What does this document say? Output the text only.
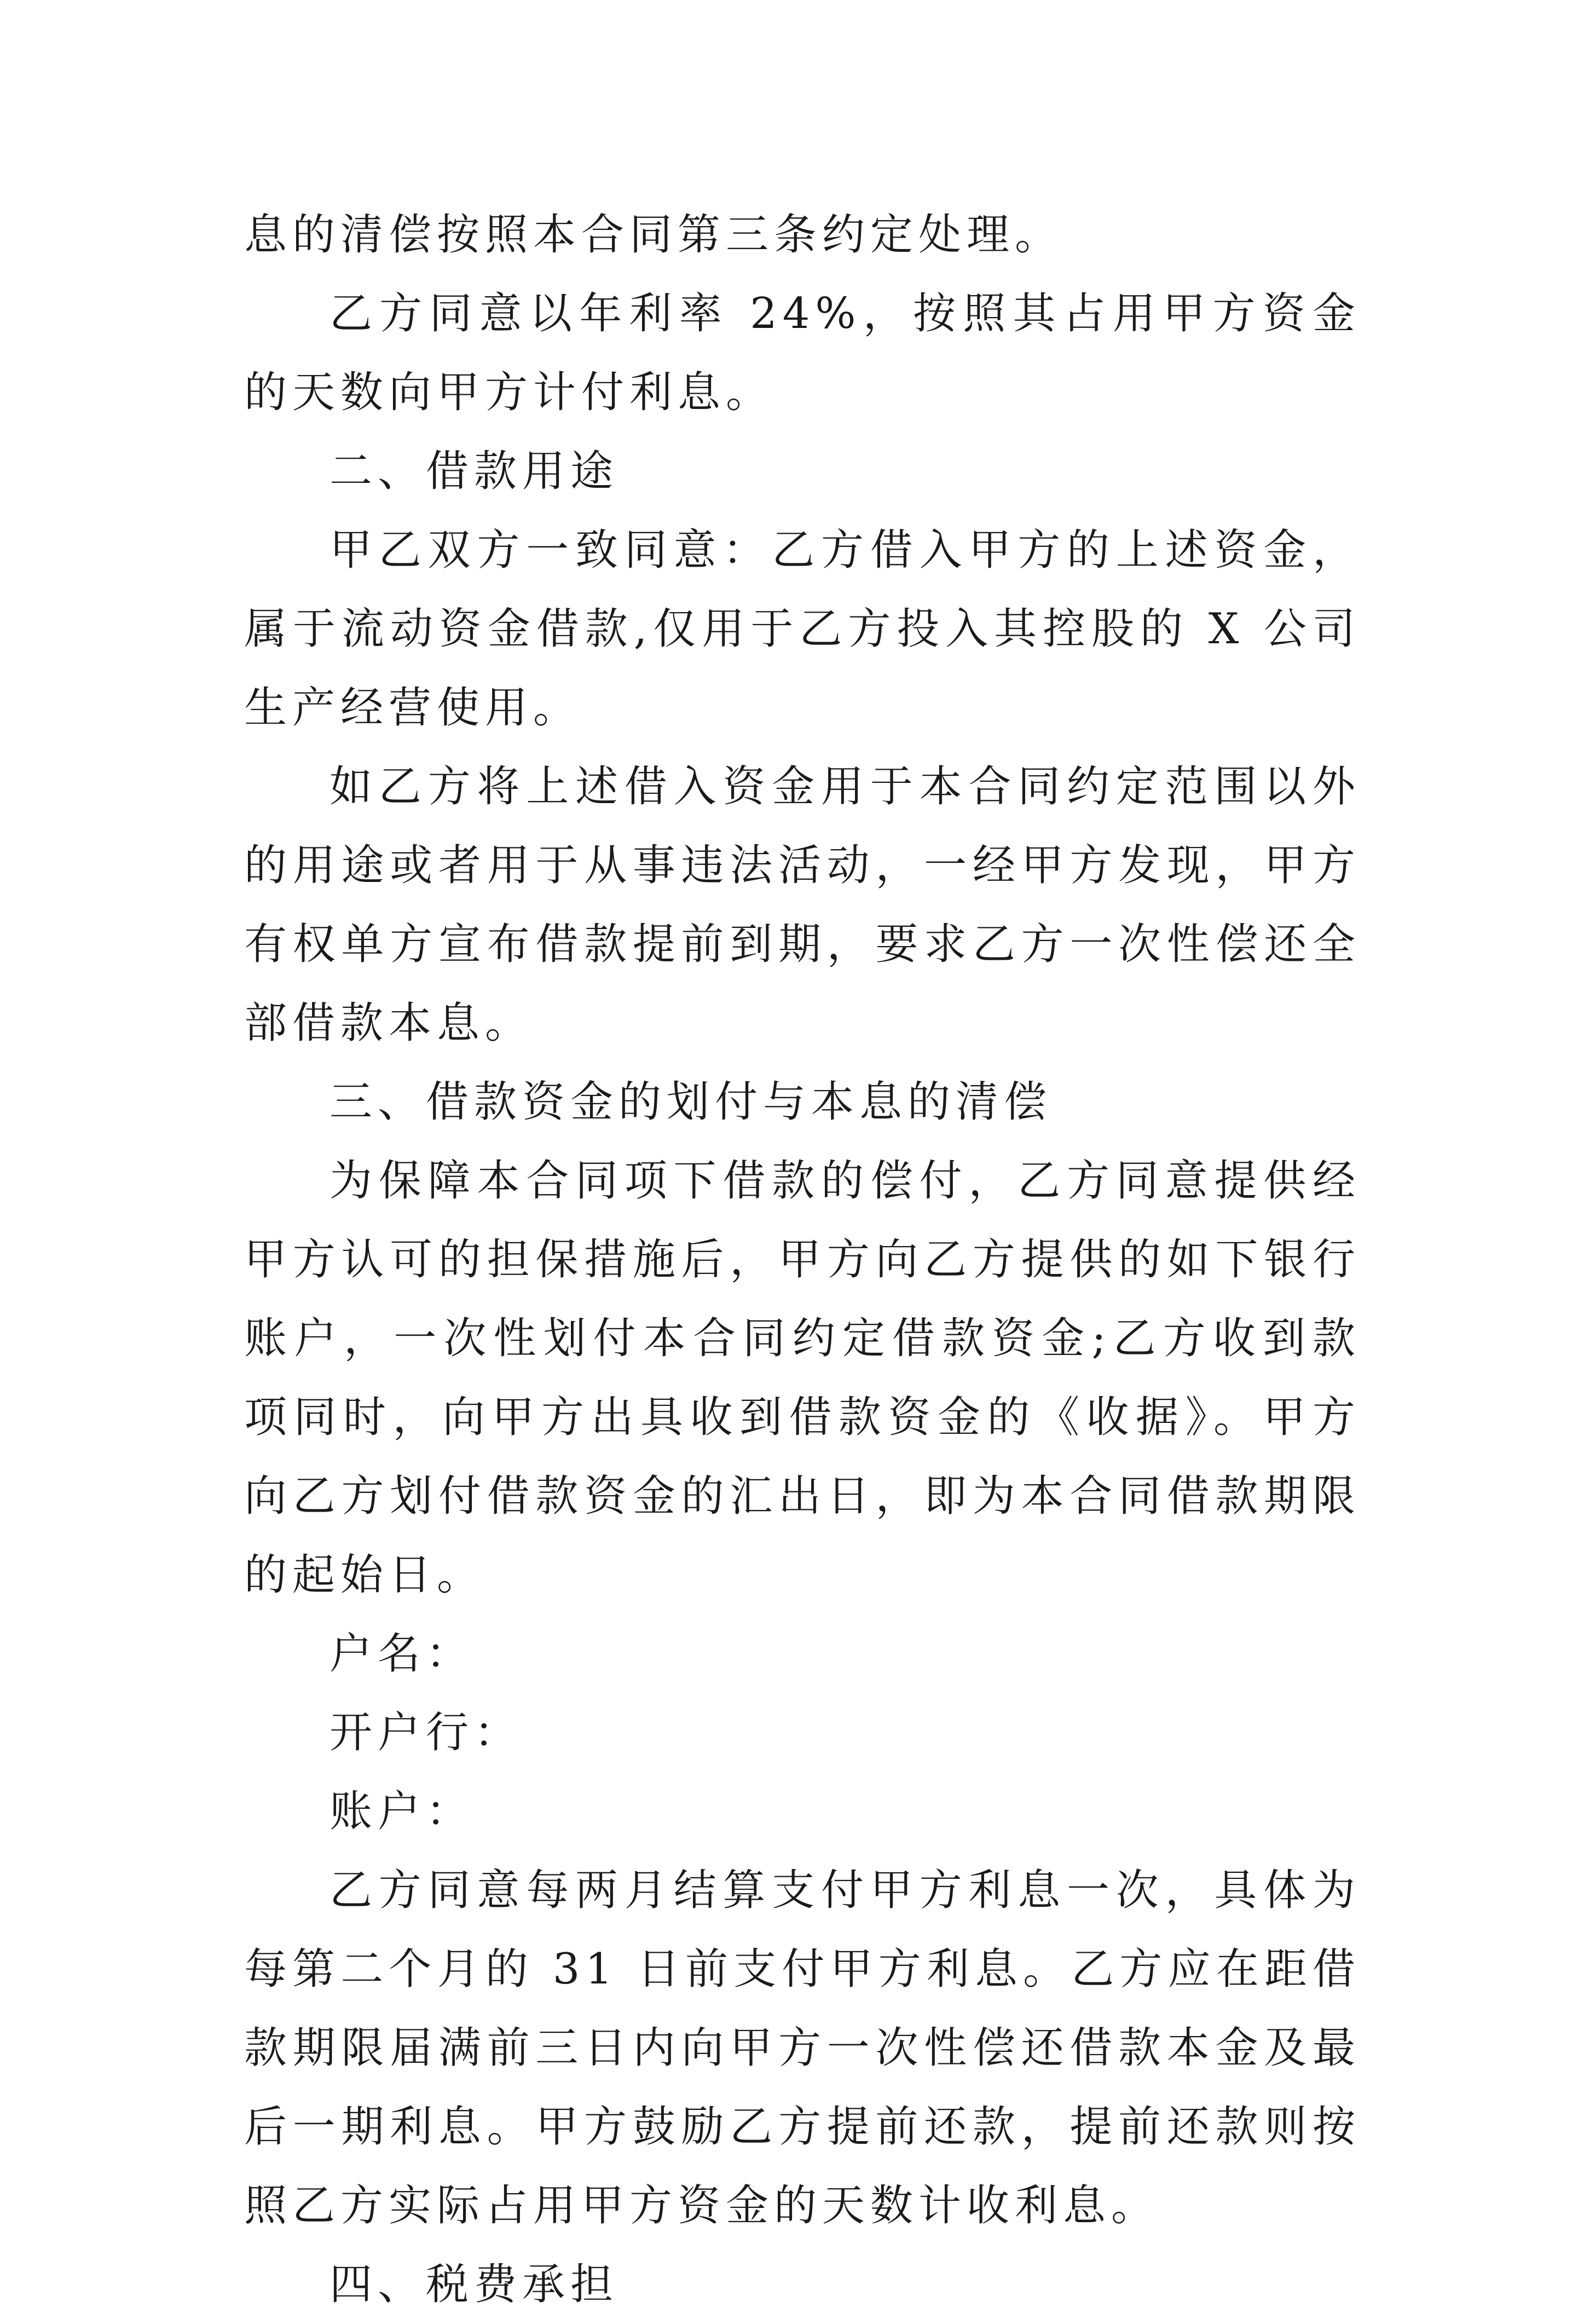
息的清偿按照本合同第三条约定处理。

乙方同意以年利率 24%，按照其占用甲方资金的天数向甲方计付利息。

二、借款用途

甲乙双方一致同意：乙方借入甲方的上述资金，属于流动资金借款,仅用于乙方投入其控股的 X 公司生产经营使用。

如乙方将上述借入资金用于本合同约定范围以外的用途或者用于从事违法活动，一经甲方发现，甲方有权单方宣布借款提前到期，要求乙方一次性偿还全部借款本息。

三、借款资金的划付与本息的清偿

为保障本合同项下借款的偿付，乙方同意提供经甲方认可的担保措施后，甲方向乙方提供的如下银行账户，一次性划付本合同约定借款资金;乙方收到款项同时，向甲方出具收到借款资金的《收据》。甲方向乙方划付借款资金的汇出日，即为本合同借款期限的起始日。

户名：

开户行：

账户：

乙方同意每两月结算支付甲方利息一次，具体为每第二个月的 31 日前支付甲方利息。乙方应在距借款期限届满前三日内向甲方一次性偿还借款本金及最后一期利息。甲方鼓励乙方提前还款，提前还款则按照乙方实际占用甲方资金的天数计收利息。

四、税费承担
